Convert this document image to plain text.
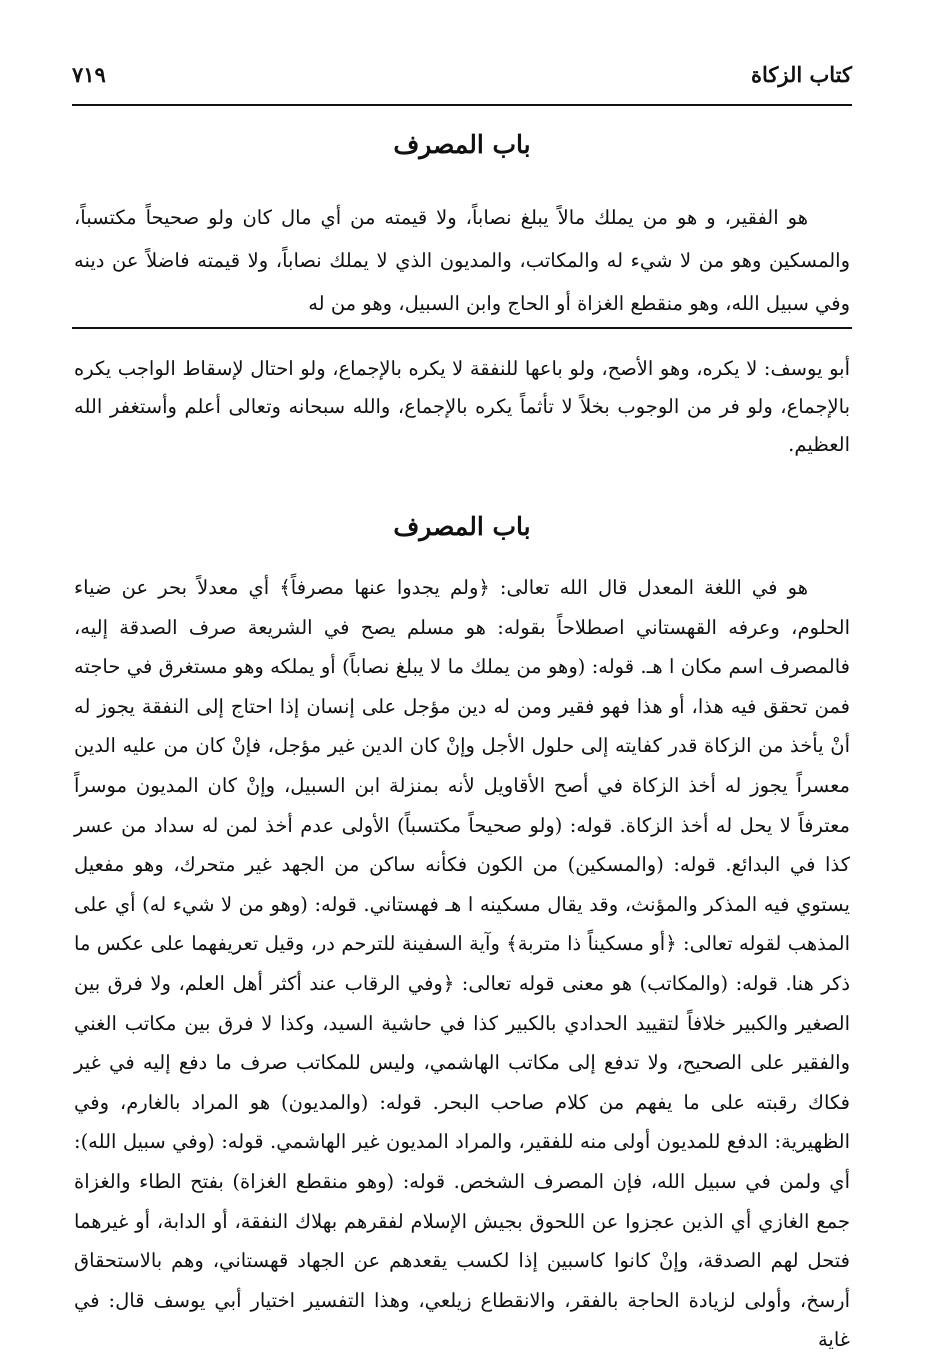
كتاب الزكاة
٧١٩
باب المصرف
هو الفقير، و هو من يملك مالاً يبلغ نصاباً، ولا قيمته من أي مال كان ولو صحيحاً مكتسباً، والمسكين وهو من لا شيء له والمكاتب، والمديون الذي لا يملك نصاباً، ولا قيمته فاضلاً عن دينه وفي سبيل الله، وهو منقطع الغزاة أو الحاج وابن السبيل، وهو من له
أبو يوسف: لا يكره، وهو الأصح، ولو باعها للنفقة لا يكره بالإجماع، ولو احتال لإسقاط الواجب يكره بالإجماع، ولو فر من الوجوب بخلاً لا تأثماً يكره بالإجماع، والله سبحانه وتعالى أعلم وأستغفر الله العظيم.
باب المصرف
هو في اللغة المعدل قال الله تعالى: ﴿ولم يجدوا عنها مصرفاً﴾ أي معدلاً بحر عن ضياء الحلوم، وعرفه القهستاني اصطلاحاً بقوله: هو مسلم يصح في الشريعة صرف الصدقة إليه، فالمصرف اسم مكان ا هـ. قوله: (وهو من يملك ما لا يبلغ نصاباً) أو يملكه وهو مستغرق في حاجته فمن تحقق فيه هذا، أو هذا فهو فقير ومن له دين مؤجل على إنسان إذا احتاج إلى النفقة يجوز له أنْ يأخذ من الزكاة قدر كفايته إلى حلول الأجل وإنْ كان الدين غير مؤجل، فإنْ كان من عليه الدين معسراً يجوز له أخذ الزكاة في أصح الأقاويل لأنه بمنزلة ابن السبيل، وإنْ كان المديون موسراً معترفاً لا يحل له أخذ الزكاة. قوله: (ولو صحيحاً مكتسباً) الأولى عدم أخذ لمن له سداد من عسر كذا في البدائع. قوله: (والمسكين) من الكون فكأنه ساكن من الجهد غير متحرك، وهو مفعيل يستوي فيه المذكر والمؤنث، وقد يقال مسكينه ا هـ فهستاني. قوله: (وهو من لا شيء له) أي على المذهب لقوله تعالى: ﴿أو مسكيناً ذا متربة﴾ وآية السفينة للترحم در، وقيل تعريفهما على عكس ما ذكر هنا. قوله: (والمكاتب) هو معنى قوله تعالى: ﴿وفي الرقاب عند أكثر أهل العلم، ولا فرق بين الصغير والكبير خلافاً لتقييد الحدادي بالكبير كذا في حاشية السيد، وكذا لا فرق بين مكاتب الغني والفقير على الصحيح، ولا تدفع إلى مكاتب الهاشمي، وليس للمكاتب صرف ما دفع إليه في غير فكاك رقبته على ما يفهم من كلام صاحب البحر. قوله: (والمديون) هو المراد بالغارم، وفي الظهيرية: الدفع للمديون أولى منه للفقير، والمراد المديون غير الهاشمي. قوله: (وفي سبيل الله): أي ولمن في سبيل الله، فإن المصرف الشخص. قوله: (وهو منقطع الغزاة) بفتح الطاء والغزاة جمع الغازي أي الذين عجزوا عن اللحوق بجيش الإسلام لفقرهم بهلاك النفقة، أو الدابة، أو غيرهما فتحل لهم الصدقة، وإنْ كانوا كاسبين إذا لكسب يقعدهم عن الجهاد قهستاني، وهم بالاستحقاق أرسخ، وأولى لزيادة الحاجة بالفقر، والانقطاع زيلعي، وهذا التفسير اختيار أبي يوسف قال: في غاية
